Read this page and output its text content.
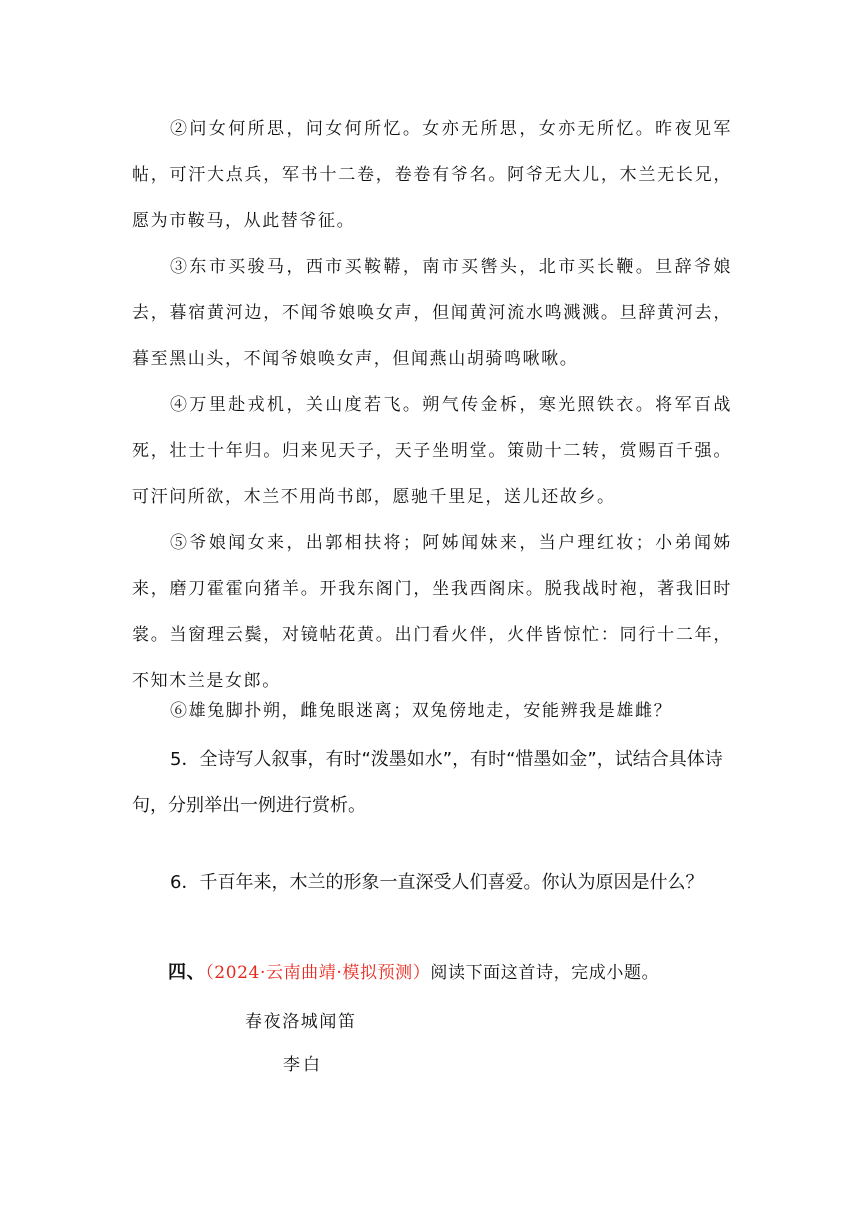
②问女何所思，问女何所忆。女亦无所思，女亦无所忆。昨夜见军帖，可汗大点兵，军书十二卷，卷卷有爷名。阿爷无大儿，木兰无长兄，愿为市鞍马，从此替爷征。

③东市买骏马，西市买鞍鞯，南市买辔头，北市买长鞭。旦辞爷娘去，暮宿黄河边，不闻爷娘唤女声，但闻黄河流水鸣溅溅。旦辞黄河去，暮至黑山头，不闻爷娘唤女声，但闻燕山胡骑鸣啾啾。

④万里赴戎机，关山度若飞。朔气传金柝，寒光照铁衣。将军百战死，壮士十年归。归来见天子，天子坐明堂。策勋十二转，赏赐百千强。可汗问所欲，木兰不用尚书郎，愿驰千里足，送儿还故乡。

⑤爷娘闻女来，出郭相扶将；阿姊闻妹来，当户理红妆；小弟闻姊来，磨刀霍霍向猪羊。开我东阁门，坐我西阁床。脱我战时袍，著我旧时裳。当窗理云鬓，对镜帖花黄。出门看火伴，火伴皆惊忙：同行十二年，不知木兰是女郎。

⑥雄兔脚扑朔，雌兔眼迷离；双兔傍地走，安能辨我是雄雌？

5．全诗写人叙事，有时“泼墨如水”，有时“惜墨如金”，试结合具体诗句，分别举出一例进行赏析。

6．千百年来，木兰的形象一直深受人们喜爱。你认为原因是什么？

四、（2024·云南曲靖·模拟预测）阅读下面这首诗，完成小题。

春夜洛城闻笛

李白
